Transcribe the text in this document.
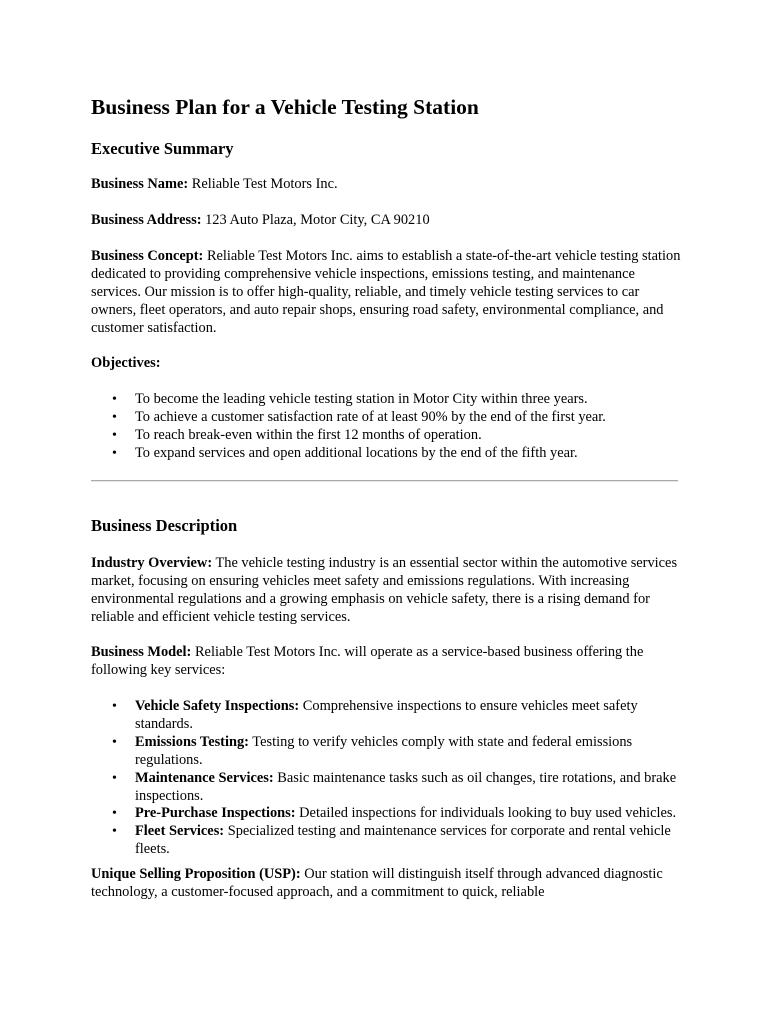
Business Plan for a Vehicle Testing Station
Executive Summary

Business Name: Reliable Test Motors Inc.

Business Address: 123 Auto Plaza, Motor City, CA 90210

Business Concept: Reliable Test Motors Inc. aims to establish a state-of-the-art vehicle testing station dedicated to providing comprehensive vehicle inspections, emissions testing, and maintenance services. Our mission is to offer high-quality, reliable, and timely vehicle testing services to car owners, fleet operators, and auto repair shops, ensuring road safety, environmental compliance, and customer satisfaction.

Objectives:

• To become the leading vehicle testing station in Motor City within three years.
• To achieve a customer satisfaction rate of at least 90% by the end of the first year.
• To reach break-even within the first 12 months of operation.
• To expand services and open additional locations by the end of the fifth year.
Business Description

Industry Overview: The vehicle testing industry is an essential sector within the automotive services market, focusing on ensuring vehicles meet safety and emissions regulations. With increasing environmental regulations and a growing emphasis on vehicle safety, there is a rising demand for reliable and efficient vehicle testing services.

Business Model: Reliable Test Motors Inc. will operate as a service-based business offering the following key services:

• Vehicle Safety Inspections: Comprehensive inspections to ensure vehicles meet safety standards.
• Emissions Testing: Testing to verify vehicles comply with state and federal emissions regulations.
• Maintenance Services: Basic maintenance tasks such as oil changes, tire rotations, and brake inspections.
• Pre-Purchase Inspections: Detailed inspections for individuals looking to buy used vehicles.
• Fleet Services: Specialized testing and maintenance services for corporate and rental vehicle fleets.

Unique Selling Proposition (USP): Our station will distinguish itself through advanced diagnostic technology, a customer-focused approach, and a commitment to quick, reliable
